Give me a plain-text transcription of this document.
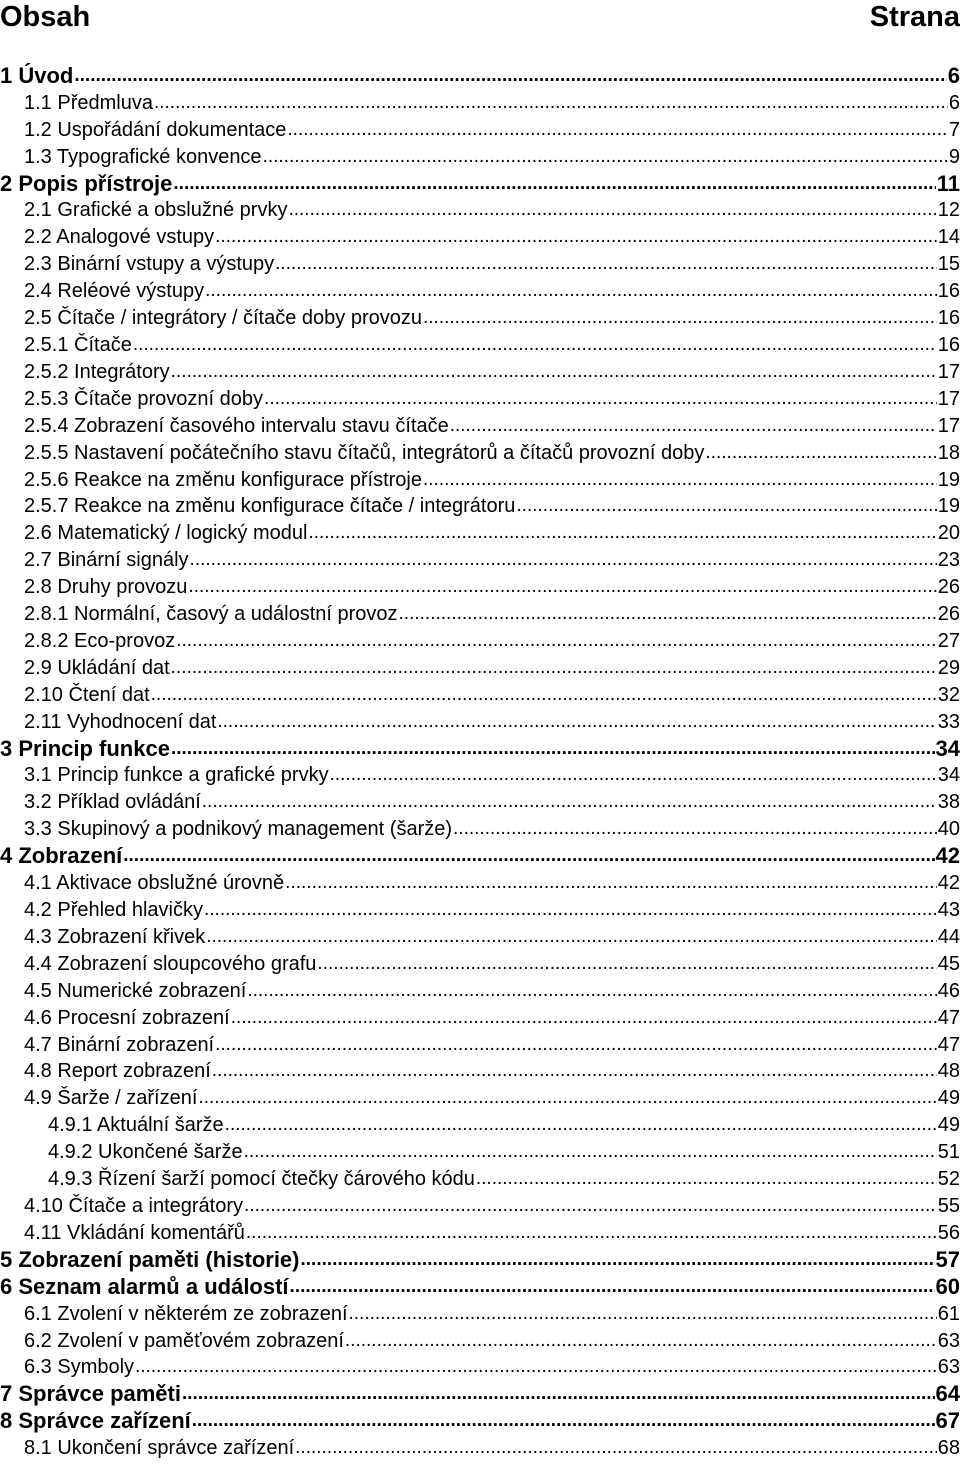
Obsah	Strana
1 Úvod .....	6
1.1 Předmluva .....	6
1.2 Uspořádání dokumentace .....	7
1.3 Typografické konvence .....	9
2 Popis přístroje .....	11
2.1 Grafické a obslužné prvky .....	12
2.2 Analogové vstupy .....	14
2.3 Binární vstupy a výstupy .....	15
2.4 Reléové výstupy .....	16
2.5 Čítače / integrátory / čítače doby provozu .....	16
2.5.1 Čítače .....	16
2.5.2 Integrátory .....	17
2.5.3 Čítače provozní doby .....	17
2.5.4 Zobrazení časového intervalu stavu čítače .....	17
2.5.5 Nastavení počátečního stavu čítačů, integrátorů a čítačů provozní doby .....	18
2.5.6 Reakce na změnu konfigurace přístroje .....	19
2.5.7 Reakce na změnu konfigurace čítače / integrátoru .....	19
2.6 Matematický / logický modul .....	20
2.7 Binární signály .....	23
2.8 Druhy provozu .....	26
2.8.1 Normální, časový a událostní provoz .....	26
2.8.2 Eco-provoz .....	27
2.9 Ukládání dat .....	29
2.10 Čtení dat .....	32
2.11 Vyhodnocení dat .....	33
3 Princip funkce .....	34
3.1 Princip funkce a grafické prvky .....	34
3.2 Příklad ovládání .....	38
3.3 Skupinový a podnikový management (šarže) .....	40
4 Zobrazení .....	42
4.1 Aktivace obslužné úrovně .....	42
4.2 Přehled hlavičky .....	43
4.3 Zobrazení křivek .....	44
4.4 Zobrazení sloupcového grafu .....	45
4.5 Numerické zobrazení .....	46
4.6 Procesní zobrazení .....	47
4.7 Binární zobrazení .....	47
4.8 Report zobrazení .....	48
4.9 Šarže / zařízení .....	49
4.9.1 Aktuální šarže .....	49
4.9.2 Ukončené šarže .....	51
4.9.3 Řízení šarží pomocí čtečky čárového kódu .....	52
4.10 Čítače a integrátory .....	55
4.11 Vkládání komentářů .....	56
5 Zobrazení paměti (historie) .....	57
6 Seznam alarmů a událostí .....	60
6.1 Zvolení v některém ze zobrazení .....	61
6.2 Zvolení v paměťovém zobrazení .....	63
6.3 Symboly .....	63
7 Správce paměti .....	64
8 Správce zařízení .....	67
8.1 Ukončení správce zařízení .....	68
